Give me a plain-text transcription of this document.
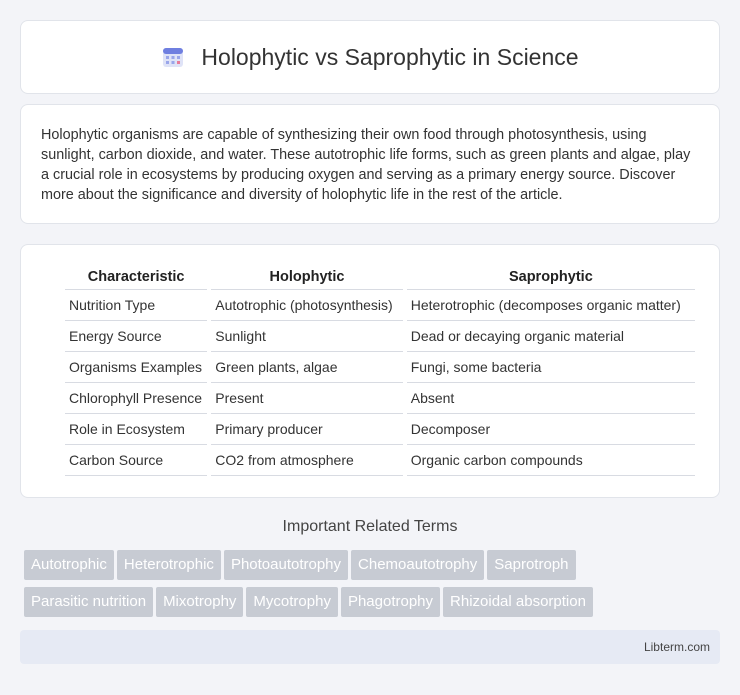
Holophytic vs Saprophytic in Science

Holophytic organisms are capable of synthesizing their own food through photosynthesis, using sunlight, carbon dioxide, and water. These autotrophic life forms, such as green plants and algae, play a crucial role in ecosystems by producing oxygen and serving as a primary energy source. Discover more about the significance and diversity of holophytic life in the rest of the article.

Characteristic	Holophytic	Saprophytic
Nutrition Type	Autotrophic (photosynthesis)	Heterotrophic (decomposes organic matter)
Energy Source	Sunlight	Dead or decaying organic material
Organisms Examples	Green plants, algae	Fungi, some bacteria
Chlorophyll Presence	Present	Absent
Role in Ecosystem	Primary producer	Decomposer
Carbon Source	CO2 from atmosphere	Organic carbon compounds
Important Related Terms
Autotrophic Heterotrophic Photoautotrophy Chemoautotrophy Saprotroph
Parasitic nutrition Mixotrophy Mycotrophy Phagotrophy Rhizoidal absorption
Libterm.com
